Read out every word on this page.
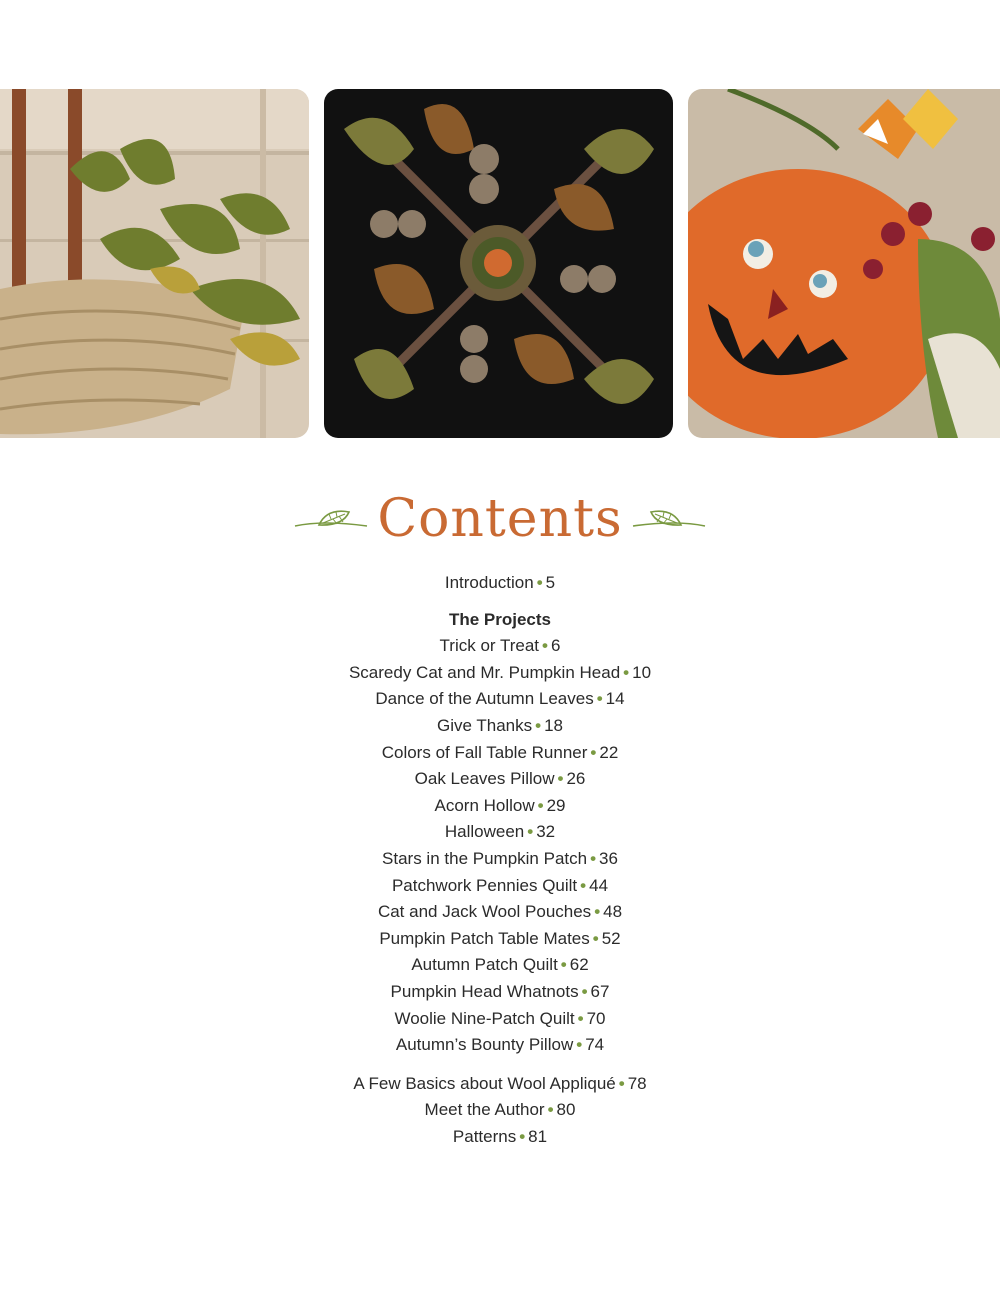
Contents
Introduction • 5
The Projects
Trick or Treat • 6
Scaredy Cat and Mr. Pumpkin Head • 10
Dance of the Autumn Leaves • 14
Give Thanks • 18
Colors of Fall Table Runner • 22
Oak Leaves Pillow • 26
Acorn Hollow • 29
Halloween • 32
Stars in the Pumpkin Patch • 36
Patchwork Pennies Quilt • 44
Cat and Jack Wool Pouches • 48
Pumpkin Patch Table Mates • 52
Autumn Patch Quilt • 62
Pumpkin Head Whatnots • 67
Woolie Nine-Patch Quilt • 70
Autumn’s Bounty Pillow • 74
A Few Basics about Wool Appliqué • 78
Meet the Author • 80
Patterns • 81
